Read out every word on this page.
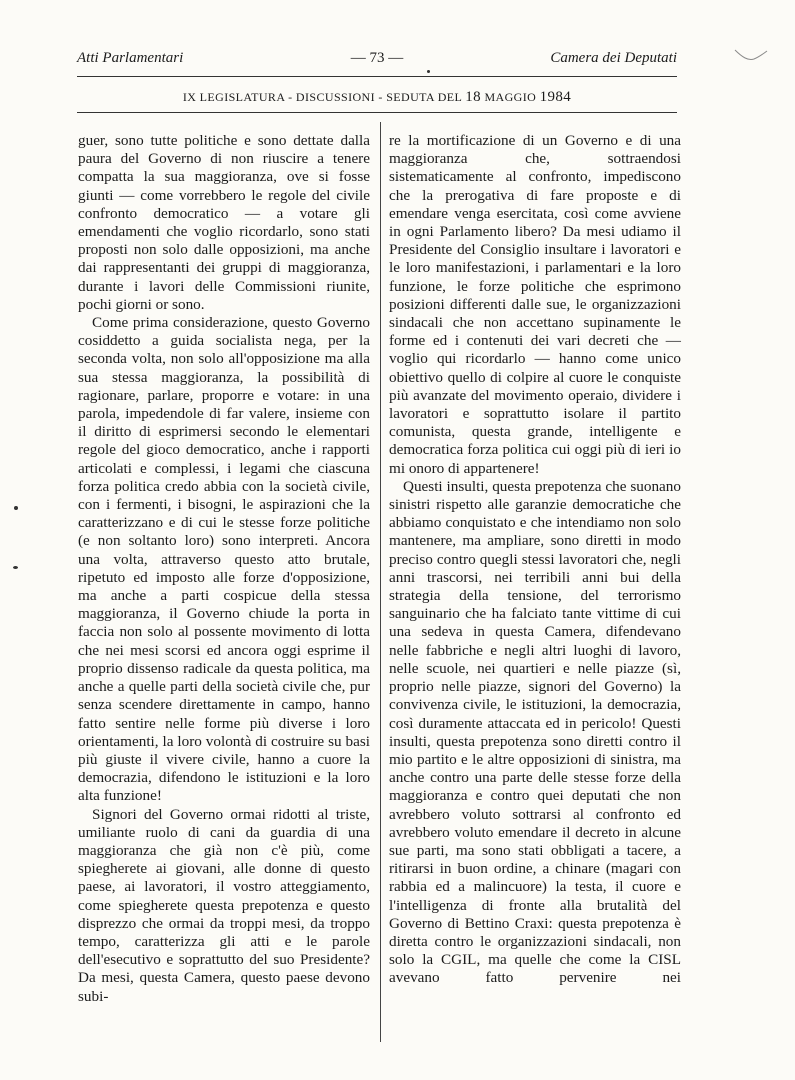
Atti Parlamentari	— 73 —	Camera dei Deputati
IX LEGISLATURA - DISCUSSIONI - SEDUTA DEL 18 MAGGIO 1984

guer, sono tutte politiche e sono dettate dalla paura del Governo di non riuscire a tenere compatta la sua maggioranza, ove si fosse giunti — come vorrebbero le regole del civile confronto democratico — a votare gli emendamenti che voglio ricordarlo, sono stati proposti non solo dalle opposizioni, ma anche dai rappresentanti dei gruppi di maggioranza, durante i lavori delle Commissioni riunite, pochi giorni or sono.

Come prima considerazione, questo Governo cosiddetto a guida socialista nega, per la seconda volta, non solo all'opposizione ma alla sua stessa maggioranza, la possibilità di ragionare, parlare, proporre e votare: in una parola, impedendole di far valere, insieme con il diritto di esprimersi secondo le elementari regole del gioco democratico, anche i rapporti articolati e complessi, i legami che ciascuna forza politica credo abbia con la società civile, con i fermenti, i bisogni, le aspirazioni che la caratterizzano e di cui le stesse forze politiche (e non soltanto loro) sono interpreti. Ancora una volta, attraverso questo atto brutale, ripetuto ed imposto alle forze d'opposizione, ma anche a parti cospicue della stessa maggioranza, il Governo chiude la porta in faccia non solo al possente movimento di lotta che nei mesi scorsi ed ancora oggi esprime il proprio dissenso radicale da questa politica, ma anche a quelle parti della società civile che, pur senza scendere direttamente in campo, hanno fatto sentire nelle forme più diverse i loro orientamenti, la loro volontà di costruire su basi più giuste il vivere civile, hanno a cuore la democrazia, difendono le istituzioni e la loro alta funzione!

Signori del Governo ormai ridotti al triste, umiliante ruolo di cani da guardia di una maggioranza che già non c'è più, come spiegherete ai giovani, alle donne di questo paese, ai lavoratori, il vostro atteggiamento, come spiegherete questa prepotenza e questo disprezzo che ormai da troppi mesi, da troppo tempo, caratterizza gli atti e le parole dell'esecutivo e soprattutto del suo Presidente? Da mesi, questa Camera, questo paese devono subi-

re la mortificazione di un Governo e di una maggioranza che, sottraendosi sistematicamente al confronto, impediscono che la prerogativa di fare proposte e di emendare venga esercitata, così come avviene in ogni Parlamento libero? Da mesi udiamo il Presidente del Consiglio insultare i lavoratori e le loro manifestazioni, i parlamentari e la loro funzione, le forze politiche che esprimono posizioni differenti dalle sue, le organizzazioni sindacali che non accettano supinamente le forme ed i contenuti dei vari decreti che — voglio qui ricordarlo — hanno come unico obiettivo quello di colpire al cuore le conquiste più avanzate del movimento operaio, dividere i lavoratori e soprattutto isolare il partito comunista, questa grande, intelligente e democratica forza politica cui oggi più di ieri io mi onoro di appartenere!

Questi insulti, questa prepotenza che suonano sinistri rispetto alle garanzie democratiche che abbiamo conquistato e che intendiamo non solo mantenere, ma ampliare, sono diretti in modo preciso contro quegli stessi lavoratori che, negli anni trascorsi, nei terribili anni bui della strategia della tensione, del terrorismo sanguinario che ha falciato tante vittime di cui una sedeva in questa Camera, difendevano nelle fabbriche e negli altri luoghi di lavoro, nelle scuole, nei quartieri e nelle piazze (sì, proprio nelle piazze, signori del Governo) la convivenza civile, le istituzioni, la democrazia, così duramente attaccata ed in pericolo! Questi insulti, questa prepotenza sono diretti contro il mio partito e le altre opposizioni di sinistra, ma anche contro una parte delle stesse forze della maggioranza e contro quei deputati che non avrebbero voluto sottrarsi al confronto ed avrebbero voluto emendare il decreto in alcune sue parti, ma sono stati obbligati a tacere, a ritirarsi in buon ordine, a chinare (magari con rabbia ed a malincuore) la testa, il cuore e l'intelligenza di fronte alla brutalità del Governo di Bettino Craxi: questa prepotenza è diretta contro le organizzazioni sindacali, non solo la CGIL, ma quelle che come la CISL avevano fatto pervenire nei
